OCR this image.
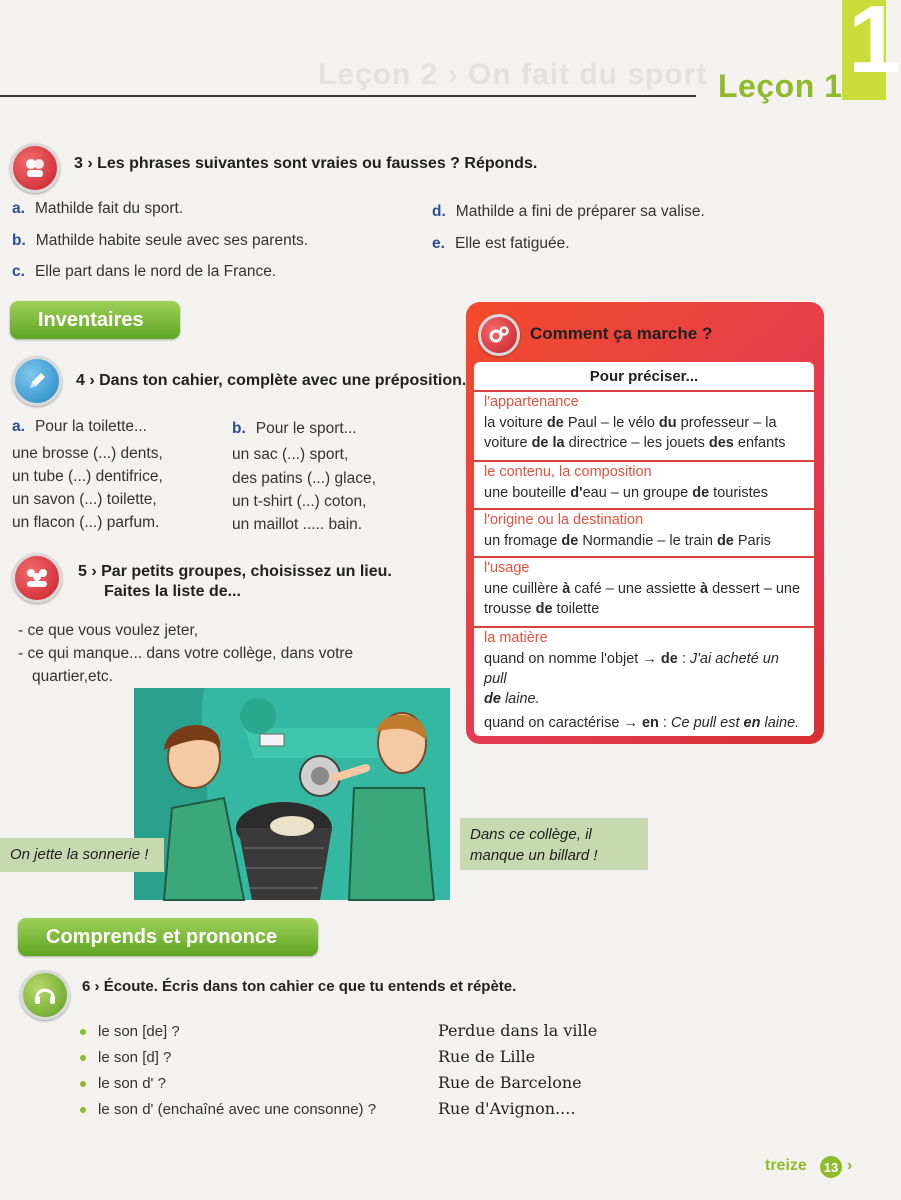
Leçon 2 › On fait du sport Leçon 1 1
3 › Les phrases suivantes sont vraies ou fausses ? Réponds.
a. Mathilde fait du sport.
b. Mathilde habite seule avec ses parents.
c. Elle part dans le nord de la France.
d. Mathilde a fini de préparer sa valise.
e. Elle est fatiguée.
Inventaires
4 › Dans ton cahier, complète avec une préposition.
a. Pour la toilette...
une brosse (...) dents,
un tube (...) dentifrice,
un savon (...) toilette,
un flacon (...) parfum.
b. Pour le sport...
un sac (...) sport,
des patins (...) glace,
un t-shirt (...) coton,
un maillot ..... bain.
5 › Par petits groupes, choisissez un lieu.
Faites la liste de...
- ce que vous voulez jeter,
- ce qui manque... dans votre collège, dans votre
quartier,etc.
On jette la sonnerie !
Dans ce collège, il
manque un billard !
Comment ça marche ?
Pour préciser...
l'appartenance
la voiture de Paul – le vélo du professeur – la
voiture de la directrice – les jouets des enfants
le contenu, la composition
une bouteille d'eau – un groupe de touristes
l'origine ou la destination
un fromage de Normandie – le train de Paris
l'usage
une cuillère à café – une assiette à dessert – une
trousse de toilette
la matière
quand on nomme l'objet → de : J'ai acheté un pull
de laine.
quand on caractérise → en : Ce pull est en laine.
Comprends et prononce
6 › Écoute. Écris dans ton cahier ce que tu entends et répète.
le son [de] ?
le son [d] ?
le son d' ?
le son d' (enchaîné avec une consonne) ?
Perdue dans la ville
Rue de Lille
Rue de Barcelone
Rue d'Avignon....
treize 13 ›
